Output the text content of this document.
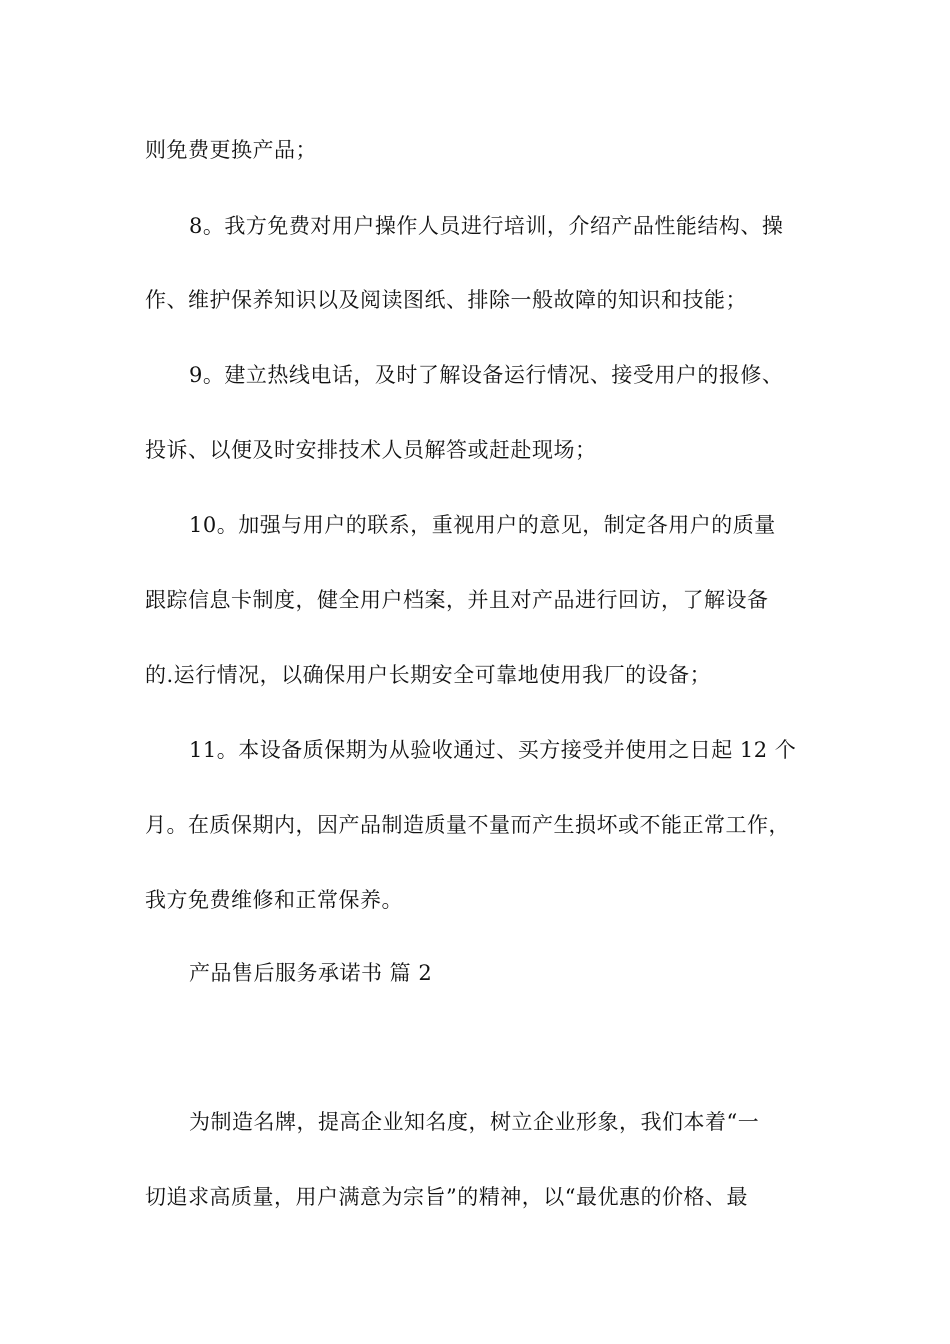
则免费更换产品；
8。我方免费对用户操作人员进行培训，介绍产品性能结构、操
作、维护保养知识以及阅读图纸、排除一般故障的知识和技能；
9。建立热线电话，及时了解设备运行情况、接受用户的报修、
投诉、以便及时安排技术人员解答或赶赴现场；
10。加强与用户的联系，重视用户的意见，制定各用户的质量
跟踪信息卡制度，健全用户档案，并且对产品进行回访，了解设备
的.运行情况，以确保用户长期安全可靠地使用我厂的设备；
11。本设备质保期为从验收通过、买方接受并使用之日起 12 个
月。在质保期内，因产品制造质量不量而产生损坏或不能正常工作，
我方免费维修和正常保养。
产品售后服务承诺书 篇 2
为制造名牌，提高企业知名度，树立企业形象，我们本着“一
切追求高质量，用户满意为宗旨”的精神，以“最优惠的价格、最
